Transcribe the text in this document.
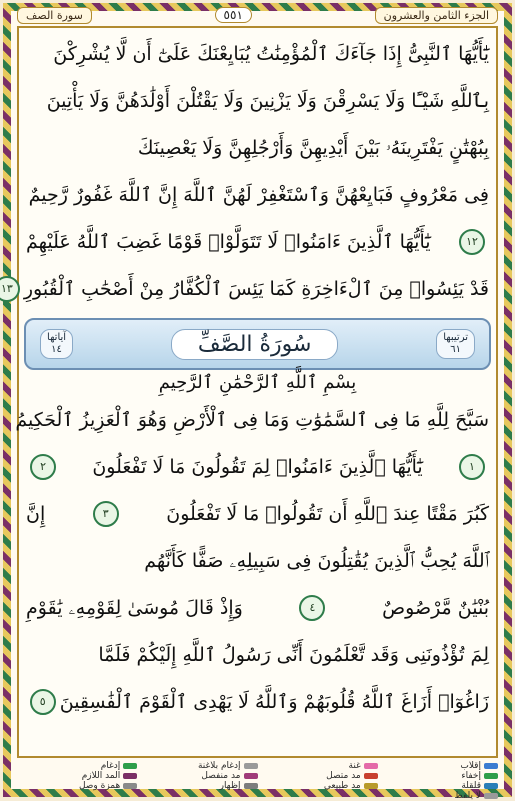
الجزء الثامن والعشرون
٥٥١
سورة الصف
يَٰٓأَيُّهَا ٱلنَّبِىُّ إِذَا جَآءَكَ ٱلْمُؤْمِنَٰتُ يُبَايِعْنَكَ عَلَىٰٓ أَن لَّا يُشْرِكْنَ
بِٱللَّهِ شَيْـًٔا وَلَا يَسْرِقْنَ وَلَا يَزْنِينَ وَلَا يَقْتُلْنَ أَوْلَٰدَهُنَّ وَلَا يَأْتِينَ
بِبُهْتَٰنٍ يَفْتَرِينَهُۥ بَيْنَ أَيْدِيهِنَّ وَأَرْجُلِهِنَّ وَلَا يَعْصِينَكَ
فِى مَعْرُوفٍ فَبَايِعْهُنَّ وَٱسْتَغْفِرْ لَهُنَّ ٱللَّهَ إِنَّ ٱللَّهَ غَفُورٌ رَّحِيمٌ
١٢
يَٰٓأَيُّهَا ٱلَّذِينَ ءَامَنُوا۟ لَا تَتَوَلَّوْا۟ قَوْمًا غَضِبَ ٱللَّهُ عَلَيْهِمْ
قَدْ يَئِسُوا۟ مِنَ ٱلْءَاخِرَةِ كَمَا يَئِسَ ٱلْكُفَّارُ مِنْ أَصْحَٰبِ ٱلْقُبُورِ
١٣
ترتيبها
٦١
سُورَةُ الصَّفِّ
آياتها
١٤
بِسْمِ ٱللَّهِ ٱلرَّحْمَٰنِ ٱلرَّحِيمِ
سَبَّحَ لِلَّهِ مَا فِى ٱلسَّمَٰوَٰتِ وَمَا فِى ٱلْأَرْضِ وَهُوَ ٱلْعَزِيزُ ٱلْحَكِيمُ
١
يَٰٓأَيُّهَا ٱلَّذِينَ ءَامَنُوا۟ لِمَ تَقُولُونَ مَا لَا تَفْعَلُونَ
٢
كَبُرَ مَقْتًا عِندَ ٱللَّهِ أَن تَقُولُوا۟ مَا لَا تَفْعَلُونَ
٣
إِنَّ
ٱللَّهَ يُحِبُّ ٱلَّذِينَ يُقَٰتِلُونَ فِى سَبِيلِهِۦ صَفًّا كَأَنَّهُم
بُنْيَٰنٌ مَّرْصُوصٌ
٤
وَإِذْ قَالَ مُوسَىٰ لِقَوْمِهِۦ يَٰقَوْمِ
لِمَ تُؤْذُونَنِى وَقَد تَّعْلَمُونَ أَنِّى رَسُولُ ٱللَّهِ إِلَيْكُمْ فَلَمَّا
زَاغُوٓا۟ أَزَاغَ ٱللَّهُ قُلُوبَهُمْ وَٱللَّهُ لَا يَهْدِى ٱلْقَوْمَ ٱلْفَٰسِقِينَ
٥
إقلاب
غنة
إدغام بلاغنة
إدغام
إخفاء
مد متصل
مد منفصل
المد اللازم
قلقلة
مد طبيعي
إظهار
همزة وصل
لا يلفظ
